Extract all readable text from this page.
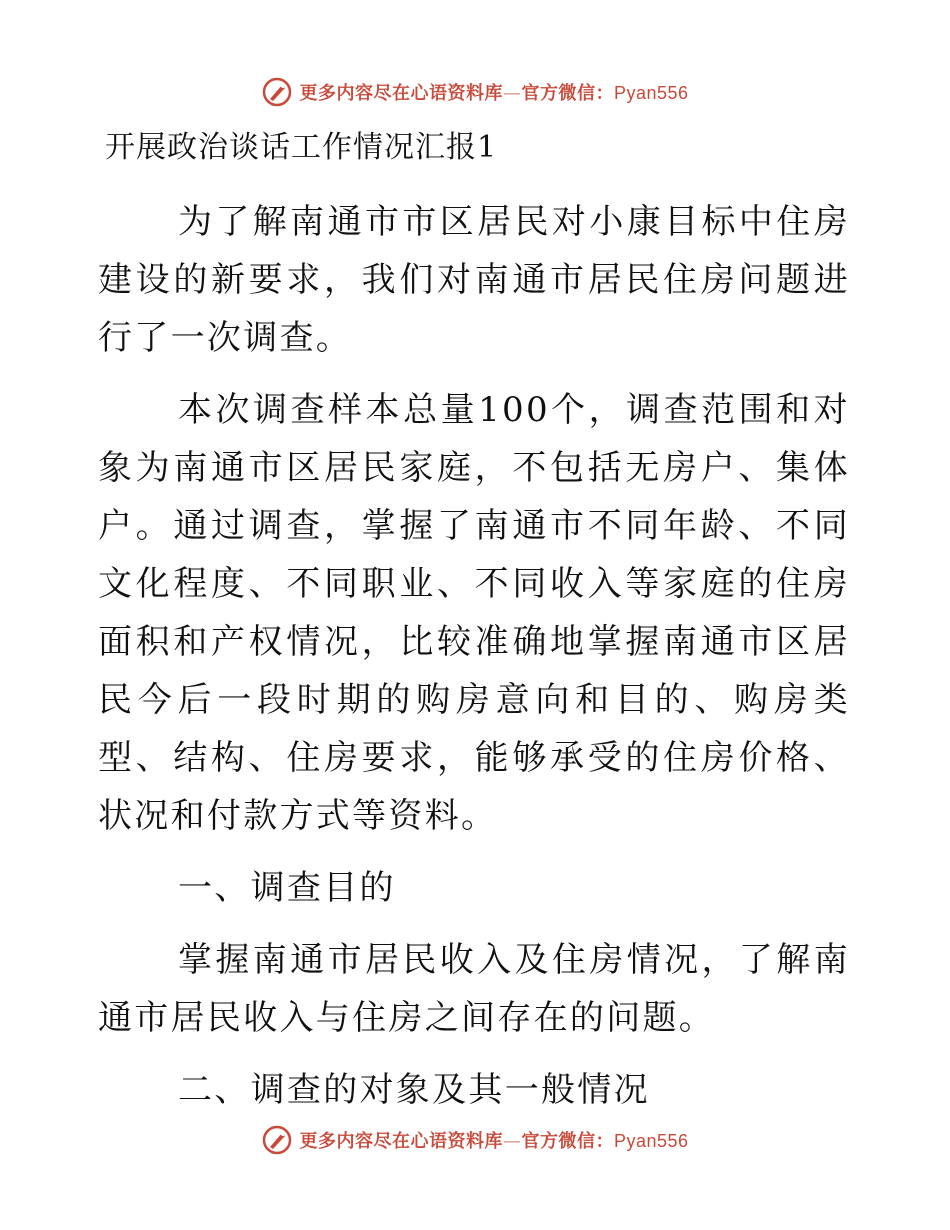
更多内容尽在心语资料库—官方微信：Pyan556
开展政治谈话工作情况汇报1

为了解南通市市区居民对小康目标中住房建设的新要求，我们对南通市居民住房问题进行了一次调查。

本次调查样本总量100个，调查范围和对象为南通市区居民家庭，不包括无房户、集体户。通过调查，掌握了南通市不同年龄、不同文化程度、不同职业、不同收入等家庭的住房面积和产权情况，比较准确地掌握南通市区居民今后一段时期的购房意向和目的、购房类型、结构、住房要求，能够承受的住房价格、状况和付款方式等资料。

一、调查目的

掌握南通市居民收入及住房情况，了解南通市居民收入与住房之间存在的问题。

二、调查的对象及其一般情况

更多内容尽在心语资料库—官方微信：Pyan556
